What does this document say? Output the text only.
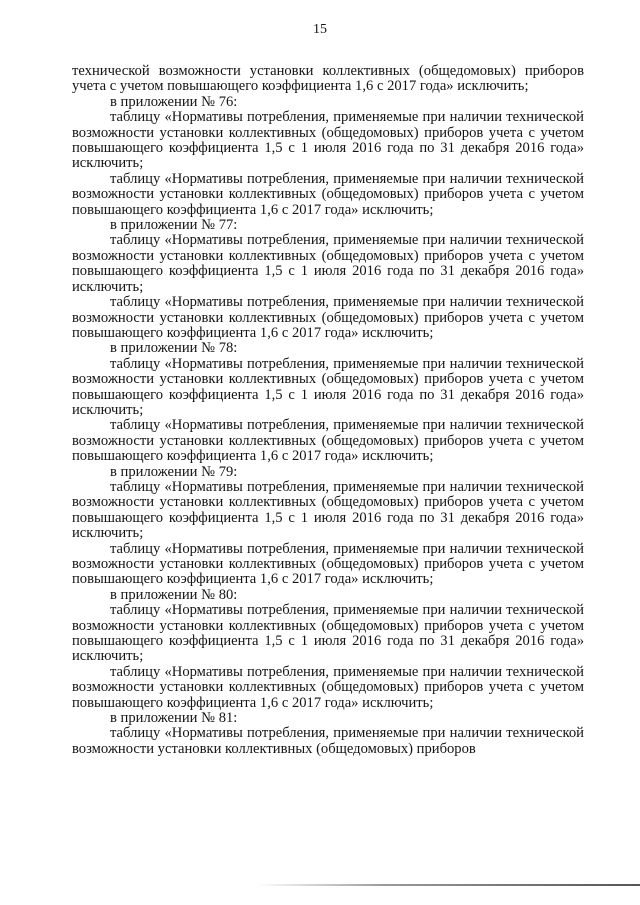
15

технической возможности установки коллективных (общедомовых) приборов учета с учетом повышающего коэффициента 1,6 с 2017 года» исключить;

в приложении № 76:

таблицу «Нормативы потребления, применяемые при наличии технической возможности установки коллективных (общедомовых) приборов учета с учетом повышающего коэффициента 1,5 с 1 июля 2016 года по 31 декабря 2016 года» исключить;

таблицу «Нормативы потребления, применяемые при наличии технической возможности установки коллективных (общедомовых) приборов учета с учетом повышающего коэффициента 1,6 с 2017 года» исключить;

в приложении № 77:

таблицу «Нормативы потребления, применяемые при наличии технической возможности установки коллективных (общедомовых) приборов учета с учетом повышающего коэффициента 1,5 с 1 июля 2016 года по 31 декабря 2016 года» исключить;

таблицу «Нормативы потребления, применяемые при наличии технической возможности установки коллективных (общедомовых) приборов учета с учетом повышающего коэффициента 1,6 с 2017 года» исключить;

в приложении № 78:

таблицу «Нормативы потребления, применяемые при наличии технической возможности установки коллективных (общедомовых) приборов учета с учетом повышающего коэффициента 1,5 с 1 июля 2016 года по 31 декабря 2016 года» исключить;

таблицу «Нормативы потребления, применяемые при наличии технической возможности установки коллективных (общедомовых) приборов учета с учетом повышающего коэффициента 1,6 с 2017 года» исключить;

в приложении № 79:

таблицу «Нормативы потребления, применяемые при наличии технической возможности установки коллективных (общедомовых) приборов учета с учетом повышающего коэффициента 1,5 с 1 июля 2016 года по 31 декабря 2016 года» исключить;

таблицу «Нормативы потребления, применяемые при наличии технической возможности установки коллективных (общедомовых) приборов учета с учетом повышающего коэффициента 1,6 с 2017 года» исключить;

в приложении № 80:

таблицу «Нормативы потребления, применяемые при наличии технической возможности установки коллективных (общедомовых) приборов учета с учетом повышающего коэффициента 1,5 с 1 июля 2016 года по 31 декабря 2016 года» исключить;

таблицу «Нормативы потребления, применяемые при наличии технической возможности установки коллективных (общедомовых) приборов учета с учетом повышающего коэффициента 1,6 с 2017 года» исключить;

в приложении № 81:

таблицу «Нормативы потребления, применяемые при наличии технической возможности установки коллективных (общедомовых) приборов
